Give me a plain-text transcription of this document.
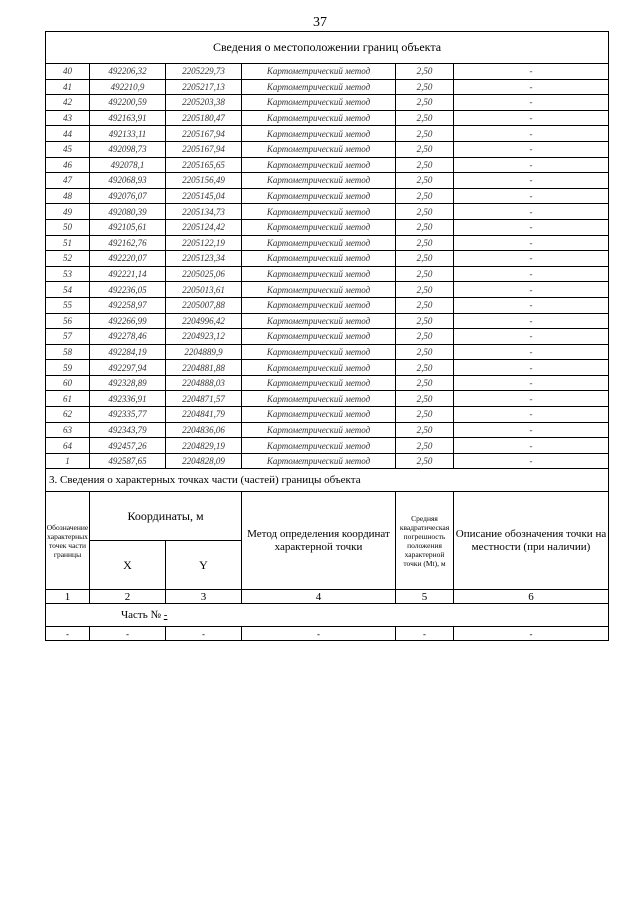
37
Сведения о местоположении границ объекта					
40	492206,32	2205229,73	Картометрический метод	2,50	-
41	492210,9	2205217,13	Картометрический метод	2,50	-
42	492200,59	2205203,38	Картометрический метод	2,50	-
43	492163,91	2205180,47	Картометрический метод	2,50	-
44	492133,11	2205167,94	Картометрический метод	2,50	-
45	492098,73	2205167,94	Картометрический метод	2,50	-
46	492078,1	2205165,65	Картометрический метод	2,50	-
47	492068,93	2205156,49	Картометрический метод	2,50	-
48	492076,07	2205145,04	Картометрический метод	2,50	-
49	492080,39	2205134,73	Картометрический метод	2,50	-
50	492105,61	2205124,42	Картометрический метод	2,50	-
51	492162,76	2205122,19	Картометрический метод	2,50	-
52	492220,07	2205123,34	Картометрический метод	2,50	-
53	492221,14	2205025,06	Картометрический метод	2,50	-
54	492236,05	2205013,61	Картометрический метод	2,50	-
55	492258,97	2205007,88	Картометрический метод	2,50	-
56	492266,99	2204996,42	Картометрический метод	2,50	-
57	492278,46	2204923,12	Картометрический метод	2,50	-
58	492284,19	2204889,9	Картометрический метод	2,50	-
59	492297,94	2204881,88	Картометрический метод	2,50	-
60	492328,89	2204888,03	Картометрический метод	2,50	-
61	492336,91	2204871,57	Картометрический метод	2,50	-
62	492335,77	2204841,79	Картометрический метод	2,50	-
63	492343,79	2204836,06	Картометрический метод	2,50	-
64	492457,26	2204829,19	Картометрический метод	2,50	-
1	492587,65	2204828,09	Картометрический метод	2,50	-
3. Сведения о характерных точках части (частей) границы объекта					
Обозначение характерных точек части границы	Координаты, м		Метод определения координат характерной точки	Средняя квадратическая погрешность положения характерной точки (Mt), м	Описание обозначения точки на местности (при наличии)
	X	Y			
1	2	3	4	5	6
Часть № -					
-	-	-	-	-	-
